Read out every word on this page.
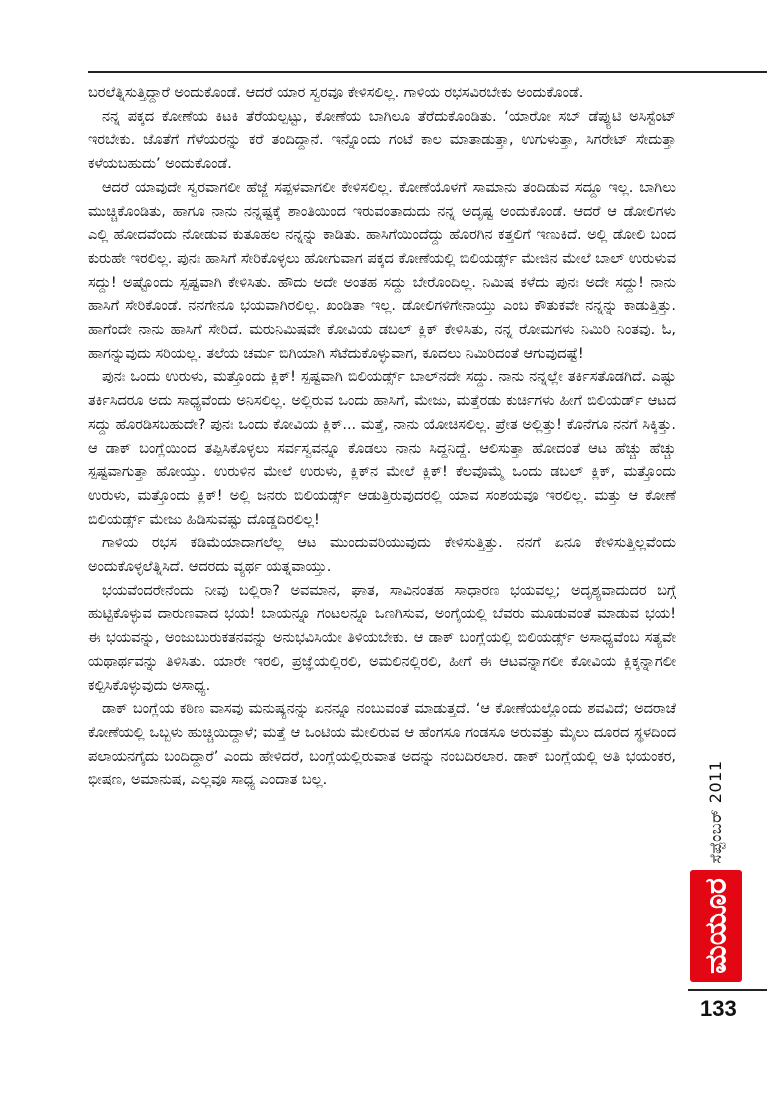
ಬರಲೆತ್ನಿಸುತ್ತಿದ್ದಾರೆ ಅಂದುಕೊಂಡೆ. ಆದರೆ ಯಾರ ಸ್ವರವೂ ಕೇಳಿಸಲಿಲ್ಲ. ಗಾಳಿಯ ರಭಸವಿರಬೇಕು ಅಂದುಕೊಂಡೆ.

ನನ್ನ ಪಕ್ಕದ ಕೋಣೆಯ ಕಿಟಕಿ ತೆರೆಯಲ್ಪಟ್ಟು, ಕೋಣೆಯ ಬಾಗಿಲೂ ತೆರೆದುಕೊಂಡಿತು. ‘ಯಾರೋ ಸಬ್ ಡೆಪ್ಯುಟಿ ಅಸಿಸ್ಟೆಂಟ್ ಇರಬೇಕು. ಜೊತೆಗೆ ಗೆಳೆಯರನ್ನು ಕರೆ ತಂದಿದ್ದಾನೆ. ಇನ್ನೊಂದು ಗಂಟೆ ಕಾಲ ಮಾತಾಡುತ್ತಾ, ಉಗುಳುತ್ತಾ, ಸಿಗರೇಟ್ ಸೇದುತ್ತಾ ಕಳೆಯಬಹುದು’ ಅಂದುಕೊಂಡೆ.

ಆದರೆ ಯಾವುದೇ ಸ್ವರವಾಗಲೀ ಹೆಜ್ಜೆ ಸಪ್ಪಳವಾಗಲೀ ಕೇಳಿಸಲಿಲ್ಲ. ಕೋಣೆಯೊಳಗೆ ಸಾಮಾನು ತಂದಿಡುವ ಸದ್ದೂ ಇಲ್ಲ. ಬಾಗಿಲು ಮುಚ್ಚಿಕೊಂಡಿತು, ಹಾಗೂ ನಾನು ನನ್ನಷ್ಟಕ್ಕೆ ಶಾಂತಿಯಿಂದ ಇರುವಂತಾದುದು ನನ್ನ ಅದೃಷ್ಟ ಅಂದುಕೊಂಡೆ. ಆದರೆ ಆ ಡೋಲಿಗಳು ಎಲ್ಲಿ ಹೋದವೆಂದು ನೋಡುವ ಕುತೂಹಲ ನನ್ನನ್ನು ಕಾಡಿತು. ಹಾಸಿಗೆಯಿಂದೆದ್ದು ಹೊರಗಿನ ಕತ್ತಲಿಗೆ ಇಣುಕಿದೆ. ಅಲ್ಲಿ ಡೋಲಿ ಬಂದ ಕುರುಹೇ ಇರಲಿಲ್ಲ. ಪುನಃ ಹಾಸಿಗೆ ಸೇರಿಕೊಳ್ಳಲು ಹೋಗುವಾಗ ಪಕ್ಕದ ಕೋಣೆಯಲ್ಲಿ ಬಿಲಿಯರ್ಡ್ಸ್ ಮೇಜಿನ ಮೇಲೆ ಬಾಲ್ ಉರುಳುವ ಸದ್ದು! ಅಷ್ಟೊಂದು ಸ್ಪಷ್ಟವಾಗಿ ಕೇಳಿಸಿತು. ಹೌದು ಅದೇ ಅಂತಹ ಸದ್ದು ಬೇರೊಂದಿಲ್ಲ. ನಿಮಿಷ ಕಳೆದು ಪುನಃ ಅದೇ ಸದ್ದು! ನಾನು ಹಾಸಿಗೆ ಸೇರಿಕೊಂಡೆ. ನನಗೇನೂ ಭಯವಾಗಿರಲಿಲ್ಲ. ಖಂಡಿತಾ ಇಲ್ಲ. ಡೋಲಿಗಳಿಗೇನಾಯ್ತು ಎಂಬ ಕೌತುಕವೇ ನನ್ನನ್ನು ಕಾಡುತ್ತಿತ್ತು. ಹಾಗೆಂದೇ ನಾನು ಹಾಸಿಗೆ ಸೇರಿದೆ. ಮರುನಿಮಿಷವೇ ಕೋವಿಯ ಡಬಲ್ ಕ್ಲಿಕ್ ಕೇಳಿಸಿತು, ನನ್ನ ರೋಮಗಳು ನಿಮಿರಿ ನಿಂತವು. ಓ, ಹಾಗನ್ನುವುದು ಸರಿಯಲ್ಲ. ತಲೆಯ ಚರ್ಮ ಬಿಗಿಯಾಗಿ ಸೆಟೆದುಕೊಳ್ಳುವಾಗ, ಕೂದಲು ನಿಮಿರಿದಂತೆ ಆಗುವುದಷ್ಟೆ!

ಪುನಃ ಒಂದು ಉರುಳು, ಮತ್ತೊಂದು ಕ್ಲಿಕ್! ಸ್ಪಷ್ಟವಾಗಿ ಬಿಲಿಯರ್ಡ್ಸ್ ಬಾಲ್‌ನದೇ ಸದ್ದು. ನಾನು ನನ್ನಲ್ಲೇ ತರ್ಕಿಸತೊಡಗಿದೆ. ಎಷ್ಟು ತರ್ಕಿಸಿದರೂ ಅದು ಸಾಧ್ಯವೆಂದು ಅನಿಸಲಿಲ್ಲ. ಅಲ್ಲಿರುವ ಒಂದು ಹಾಸಿಗೆ, ಮೇಜು, ಮತ್ತೆರಡು ಕುರ್ಚಿಗಳು ಹೀಗೆ ಬಿಲಿಯರ್ಡ್ ಆಟದ ಸದ್ದು ಹೊರಡಿಸಬಹುದೇ? ಪುನಃ ಒಂದು ಕೋವಿಯ ಕ್ಲಿಕ್... ಮತ್ತೆ, ನಾನು ಯೋಚಿಸಲಿಲ್ಲ. ಪ್ರೇತ ಅಲ್ಲಿತ್ತು! ಕೊನೆಗೂ ನನಗೆ ಸಿಕ್ಕಿತ್ತು. ಆ ಡಾಕ್ ಬಂಗ್ಲೆಯಿಂದ ತಪ್ಪಿಸಿಕೊಳ್ಳಲು ಸರ್ವಸ್ವವನ್ನೂ ಕೊಡಲು ನಾನು ಸಿದ್ದನಿದ್ದೆ. ಆಲಿಸುತ್ತಾ ಹೋದಂತೆ ಆಟ ಹೆಚ್ಚು ಹೆಚ್ಚು ಸ್ಪಷ್ಟವಾಗುತ್ತಾ ಹೋಯ್ತು. ಉರುಳಿನ ಮೇಲೆ ಉರುಳು, ಕ್ಲಿಕ್‌ನ ಮೇಲೆ ಕ್ಲಿಕ್! ಕೆಲವೊಮ್ಮೆ ಒಂದು ಡಬಲ್ ಕ್ಲಿಕ್, ಮತ್ತೊಂದು ಉರುಳು, ಮತ್ತೊಂದು ಕ್ಲಿಕ್! ಅಲ್ಲಿ ಜನರು ಬಿಲಿಯರ್ಡ್ಸ್ ಆಡುತ್ತಿರುವುದರಲ್ಲಿ ಯಾವ ಸಂಶಯವೂ ಇರಲಿಲ್ಲ. ಮತ್ತು ಆ ಕೋಣೆ ಬಿಲಿಯರ್ಡ್ಸ್ ಮೇಜು ಹಿಡಿಸುವಷ್ಟು ದೊಡ್ಡದಿರಲಿಲ್ಲ!

ಗಾಳಿಯ ರಭಸ ಕಡಿಮೆಯಾದಾಗಲೆಲ್ಲ ಆಟ ಮುಂದುವರಿಯುವುದು ಕೇಳಿಸುತ್ತಿತ್ತು. ನನಗೆ ಏನೂ ಕೇಳಿಸುತ್ತಿಲ್ಲವೆಂದು ಅಂದುಕೊಳ್ಳಲೆತ್ನಿಸಿದೆ. ಆದರದು ವ್ಯರ್ಥ ಯತ್ನವಾಯ್ತು.

ಭಯವೆಂದರೇನೆಂದು ನೀವು ಬಲ್ಲಿರಾ? ಅವಮಾನ, ಘಾತ, ಸಾವಿನಂತಹ ಸಾಧಾರಣ ಭಯವಲ್ಲ; ಅದೃಶ್ಯವಾದುದರ ಬಗ್ಗೆ ಹುಟ್ಟಿಕೊಳ್ಳುವ ದಾರುಣವಾದ ಭಯ! ಬಾಯನ್ನೂ ಗಂಟಲನ್ನೂ ಒಣಗಿಸುವ, ಅಂಗೈಯಲ್ಲಿ ಬೆವರು ಮೂಡುವಂತೆ ಮಾಡುವ ಭಯ! ಈ ಭಯವನ್ನು, ಅಂಜುಬುರುಕತನವನ್ನು ಅನುಭವಿಸಿಯೇ ತಿಳಿಯಬೇಕು. ಆ ಡಾಕ್ ಬಂಗ್ಲೆಯಲ್ಲಿ ಬಿಲಿಯರ್ಡ್ಸ್ ಅಸಾಧ್ಯವೆಂಬ ಸತ್ಯವೇ ಯಥಾರ್ಥವನ್ನು ತಿಳಿಸಿತು. ಯಾರೇ ಇರಲಿ, ಪ್ರಜ್ಞೆಯಲ್ಲಿರಲಿ, ಅಮಲಿನಲ್ಲಿರಲಿ, ಹೀಗೆ ಈ ಆಟವನ್ನಾಗಲೀ ಕೋವಿಯ ಕ್ಲಿಕ್ಕನ್ನಾಗಲೀ ಕಲ್ಪಿಸಿಕೊಳ್ಳುವುದು ಅಸಾಧ್ಯ.

ಡಾಕ್ ಬಂಗ್ಲೆಯ ಕಠಿಣ ವಾಸವು ಮನುಷ್ಯನನ್ನು ಏನನ್ನೂ ನಂಬುವಂತೆ ಮಾಡುತ್ತದೆ. ‘ಆ ಕೋಣೆಯಲ್ಲೊಂದು ಶವವಿದೆ; ಅದರಾಚೆ ಕೋಣೆಯಲ್ಲಿ ಒಬ್ಬಳು ಹುಚ್ಚಿಯಿದ್ದಾಳೆ; ಮತ್ತೆ ಆ ಒಂಟಿಯ ಮೇಲಿರುವ ಆ ಹೆಂಗಸೂ ಗಂಡಸೂ ಅರುವತ್ತು ಮೈಲು ದೂರದ ಸ್ಥಳದಿಂದ ಪಲಾಯನಗೈದು ಬಂದಿದ್ದಾರೆ’ ಎಂದು ಹೇಳಿದರೆ, ಬಂಗ್ಲೆಯಲ್ಲಿರುವಾತ ಅದನ್ನು ನಂಬದಿರಲಾರ. ಡಾಕ್ ಬಂಗ್ಲೆಯಲ್ಲಿ ಅತಿ ಭಯಂಕರ, ಭೀಷಣ, ಅಮಾನುಷ, ಎಲ್ಲವೂ ಸಾಧ್ಯ ಎಂದಾತ ಬಲ್ಲ.	ಸೆಪ್ಟೆಂಬರ್ 2011
ಮಯೂರ
133
